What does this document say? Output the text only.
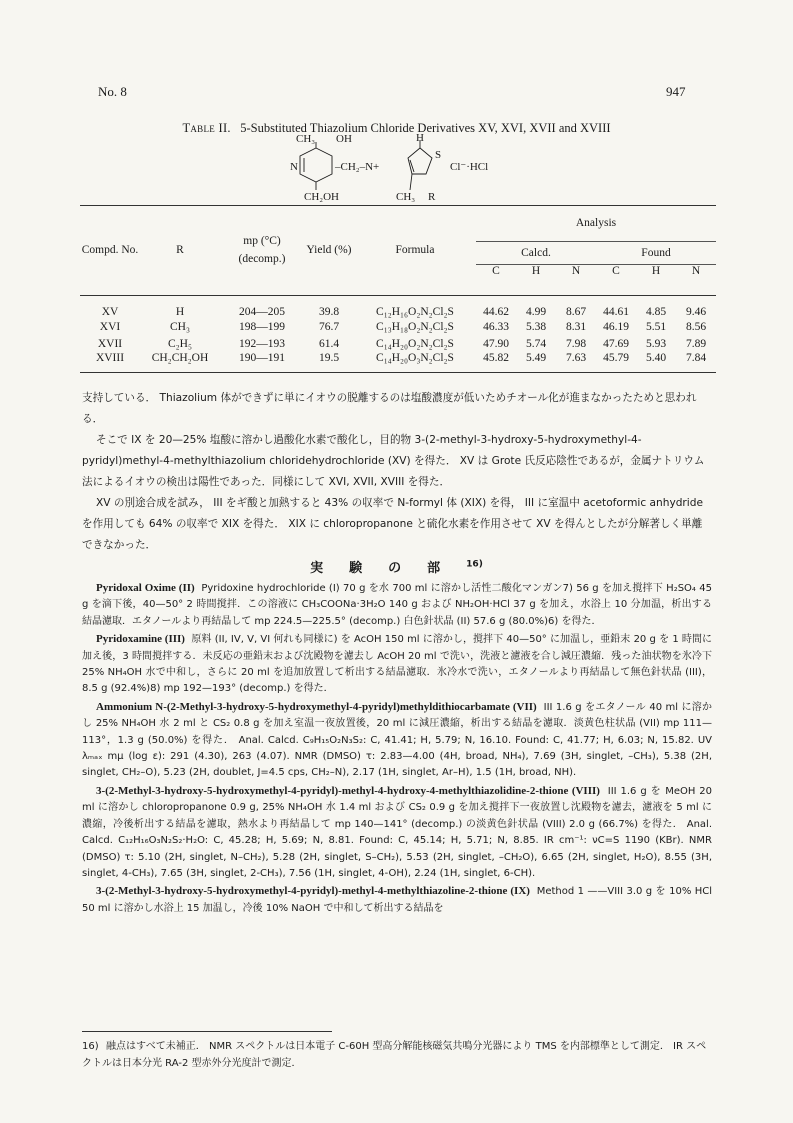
No. 8	947
Table II. 5-Substituted Thiazolium Chloride Derivatives XV, XVI, XVII and XVIII
CH₃ OH	H
S
N	–CH₂–N+	Cl⁻·HCl
CH₂OH	CH₃ R
Compd. No.	R	mp (°C)
(decomp.)	Yield (%)	Formula	Analysis					
					Calcd.			Found		
					C	H	N	C	H	N
XV	H	204—205	39.8	C₁₂H₁₆O₂N₂Cl₂S	44.62	4.99	8.67	44.61	4.85	9.46
XVI	CH₃	198—199	76.7	C₁₃H₁₈O₂N₂Cl₂S	46.33	5.38	8.31	46.19	5.51	8.56
XVII	C₂H₅	192—193	61.4	C₁₄H₂₀O₂N₂Cl₂S	47.90	5.74	7.98	47.69	5.93	7.89
XVIII	CH₂CH₂OH	190—191	19.5	C₁₄H₂₀O₃N₂Cl₂S	45.82	5.49	7.63	45.79	5.40	7.84

支持している． Thiazolium 体ができずに単にイオウの脱離するのは塩酸濃度が低いためチオール化が進まなかったためと思われる．

そこで IX を 20—25% 塩酸に溶かし過酸化水素で酸化し，目的物 3-(2-methyl-3-hydroxy-5-hydroxymethyl-4-pyridyl)methyl-4-methylthiazolium chloridehydrochloride (XV) を得た． XV は Grote 氏反応陰性であるが，金属ナトリウム法によるイオウの検出は陽性であった．同様にして XVI, XVII, XVIII を得た．

XV の別途合成を試み， III をギ酸と加熱すると 43% の収率で N-formyl 体 (XIX) を得， III に室温中 acetoformic anhydride を作用しても 64% の収率で XIX を得た． XIX に chloropropanone と硫化水素を作用させて XV を得んとしたが分解著しく単離できなかった．

実験の部$^{16)}$

Pyridoxal Oxime (II) Pyridoxine hydrochloride (I) 70 g を水 700 ml に溶かし活性二酸化マンガン7) 56 g を加え撹拌下 H₂SO₄ 45 g を滴下後，40—50° 2 時間撹拌．この溶液に CH₃COONa·3H₂O 140 g および NH₂OH·HCl 37 g を加え，水浴上 10 分加温，析出する結晶濾取．エタノールより再結晶して mp 224.5—225.5° (decomp.) 白色針状晶 (II) 57.6 g (80.0%)6) を得た．

Pyridoxamine (III) 原料 (II, IV, V, VI 何れも同様に) を AcOH 150 ml に溶かし，撹拌下 40—50° に加温し，亜鉛末 20 g を 1 時間に加え後，3 時間撹拌する．未反応の亜鉛末および沈殿物を濾去し AcOH 20 ml で洗い，洗液と濾液を合し減圧濃縮．残った油状物を氷冷下 25% NH₄OH 水で中和し，さらに 20 ml を追加放置して析出する結晶濾取．氷冷水で洗い，エタノールより再結晶して無色針状晶 (III)，8.5 g (92.4%)8) mp 192—193° (decomp.) を得た．

Ammonium N-(2-Methyl-3-hydroxy-5-hydroxymethyl-4-pyridyl)methyldithiocarbamate (VII) III 1.6 g をエタノール 40 ml に溶かし 25% NH₄OH 水 2 ml と CS₂ 0.8 g を加え室温一夜放置後，20 ml に減圧濃縮，析出する結晶を濾取．淡黄色柱状晶 (VII) mp 111—113°，1.3 g (50.0%) を得た． Anal. Calcd. C₉H₁₅O₂N₃S₂: C, 41.41; H, 5.79; N, 16.10. Found: C, 41.77; H, 6.03; N, 15.82. UV λₘₐₓ mμ (log ε): 291 (4.30), 263 (4.07). NMR (DMSO) τ: 2.83—4.00 (4H, broad, NH₄), 7.69 (3H, singlet, –CH₃), 5.38 (2H, singlet, CH₂–O), 5.23 (2H, doublet, J=4.5 cps, CH₂–N), 2.17 (1H, singlet, Ar–H), 1.5 (1H, broad, NH).

3-(2-Methyl-3-hydroxy-5-hydroxymethyl-4-pyridyl)-methyl-4-hydroxy-4-methylthiazolidine-2-thione (VIII) III 1.6 g を MeOH 20 ml に溶かし chloropropanone 0.9 g, 25% NH₄OH 水 1.4 ml および CS₂ 0.9 g を加え撹拌下一夜放置し沈殿物を濾去，濾液を 5 ml に濃縮，冷後析出する結晶を濾取，熱水より再結晶して mp 140—141° (decomp.) の淡黄色針状晶 (VIII) 2.0 g (66.7%) を得た． Anal. Calcd. C₁₂H₁₆O₃N₂S₂·H₂O: C, 45.28; H, 5.69; N, 8.81. Found: C, 45.14; H, 5.71; N, 8.85. IR cm⁻¹: νC=S 1190 (KBr). NMR (DMSO) τ: 5.10 (2H, singlet, N–CH₂), 5.28 (2H, singlet, S–CH₂), 5.53 (2H, singlet, –CH₂O), 6.65 (2H, singlet, H₂O), 8.55 (3H, singlet, 4-CH₃), 7.65 (3H, singlet, 2-CH₃), 7.56 (1H, singlet, 4-OH), 2.24 (1H, singlet, 6-CH).

3-(2-Methyl-3-hydroxy-5-hydroxymethyl-4-pyridyl)-methyl-4-methylthiazoline-2-thione (IX) Method 1 ——VIII 3.0 g を 10% HCl 50 ml に溶かし水浴上 15 加温し，冷後 10% NaOH で中和して析出する結晶を

16) 融点はすべて未補正． NMR スペクトルは日本電子 C-60H 型高分解能核磁気共鳴分光器により TMS を内部標準として測定． IR スペクトルは日本分光 RA-2 型赤外分光度計で測定．
